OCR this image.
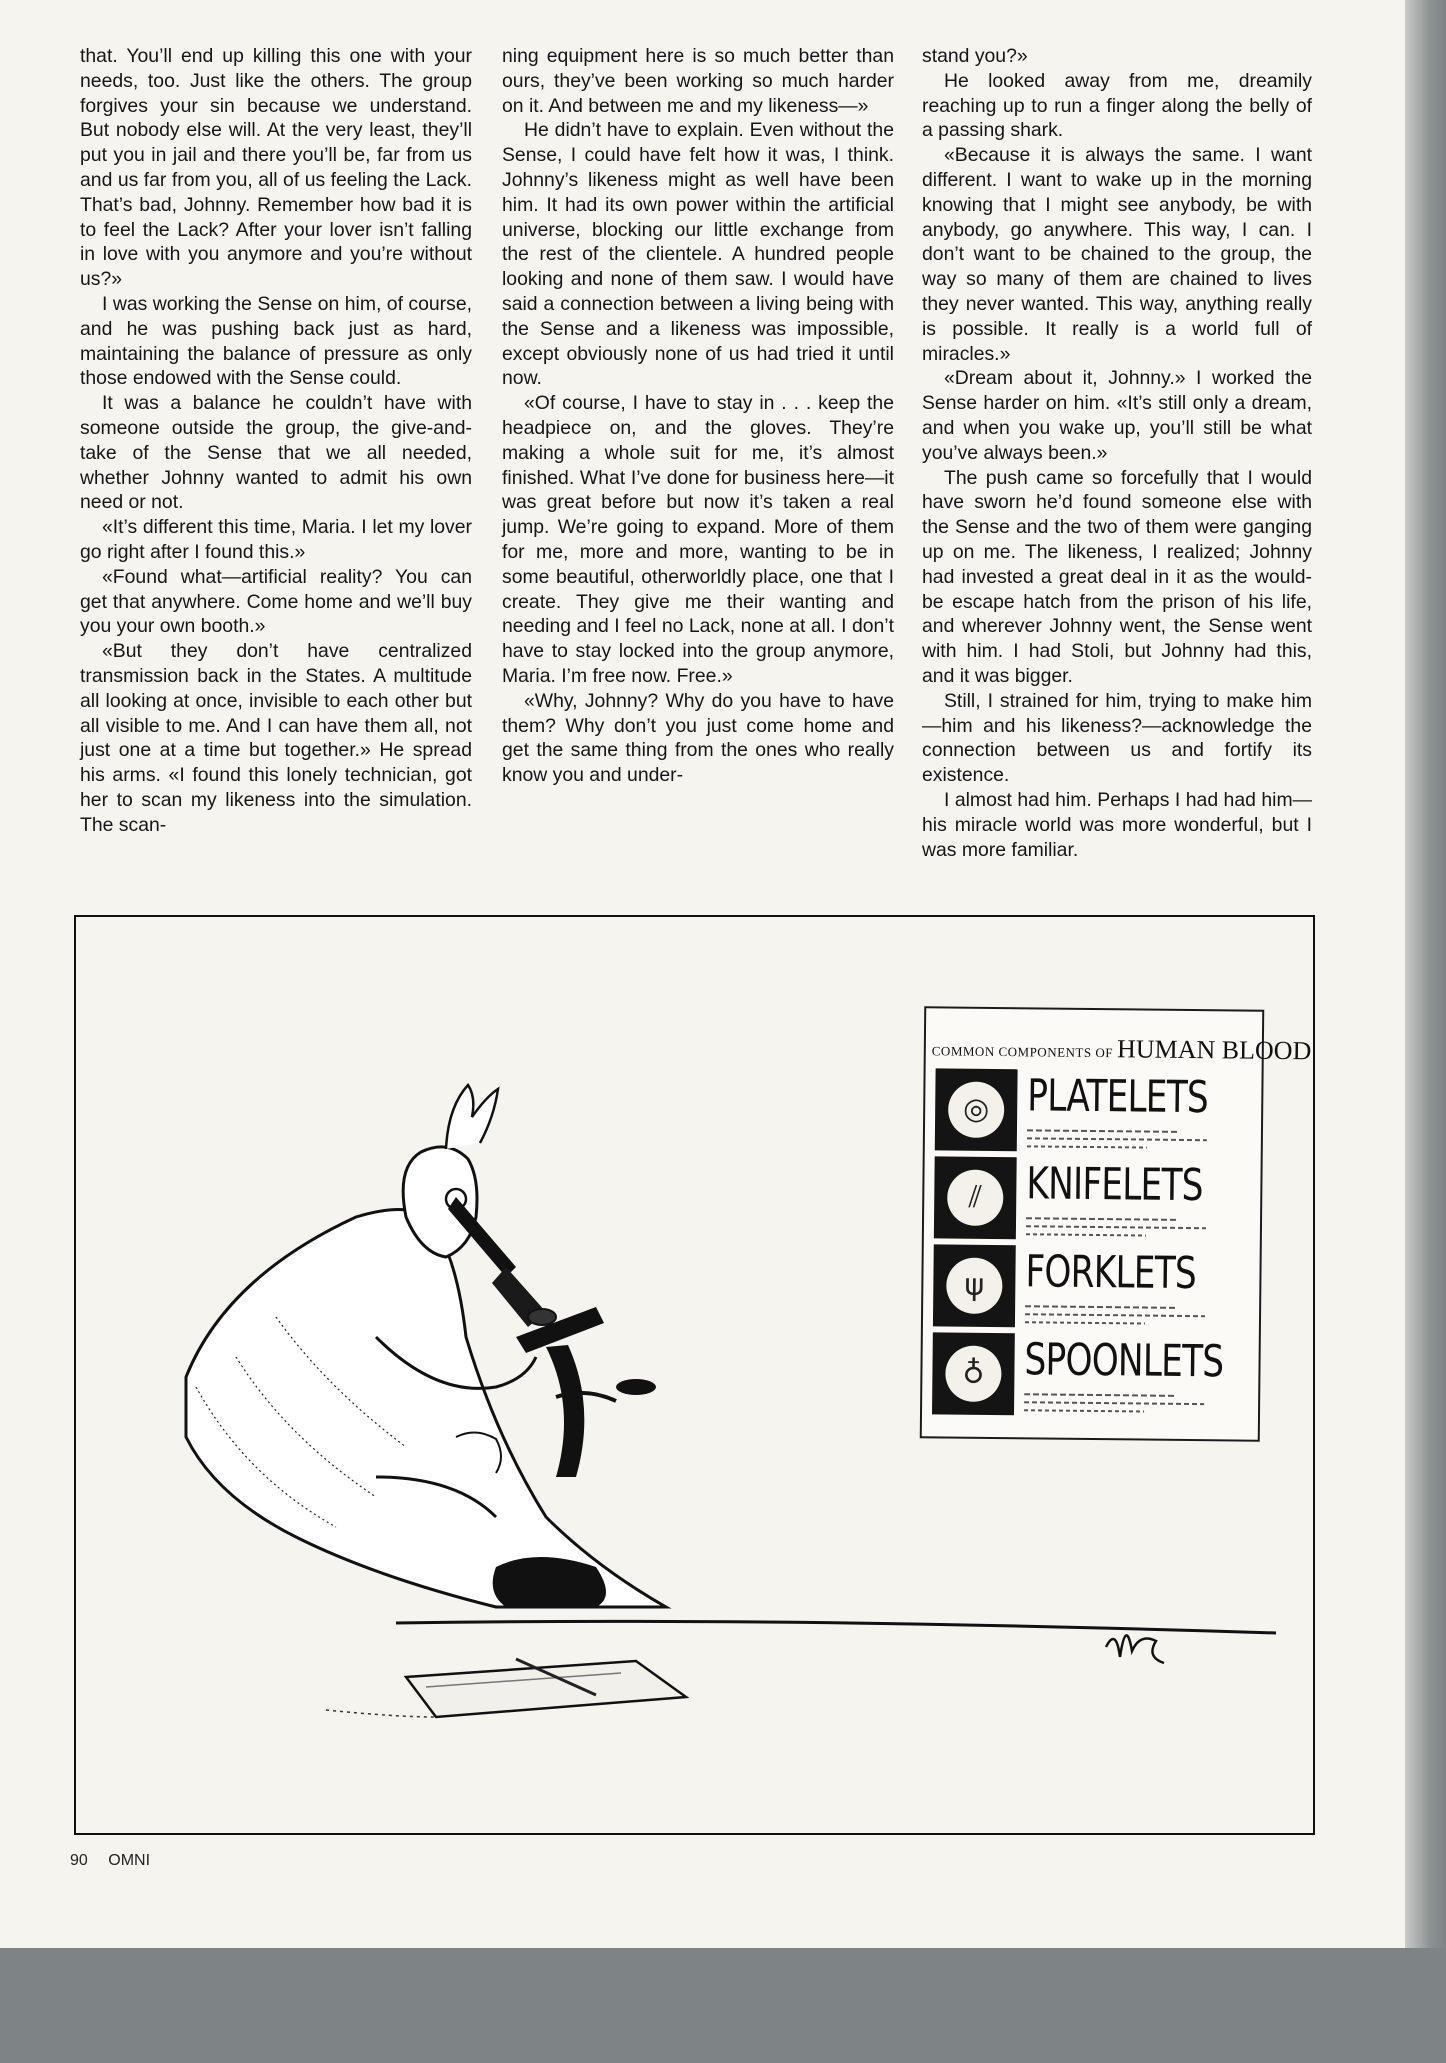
that. You’ll end up killing this one with your needs, too. Just like the others. The group forgives your sin because we understand. But nobody else will. At the very least, they’ll put you in jail and there you’ll be, far from us and us far from you, all of us feeling the Lack. That’s bad, Johnny. Remember how bad it is to feel the Lack? After your lover isn’t falling in love with you anymore and you’re without us?»

I was working the Sense on him, of course, and he was pushing back just as hard, maintaining the balance of pressure as only those endowed with the Sense could.

It was a balance he couldn’t have with someone outside the group, the give-and-take of the Sense that we all needed, whether Johnny wanted to admit his own need or not.

«It’s different this time, Maria. I let my lover go right after I found this.»

«Found what—artificial reality? You can get that anywhere. Come home and we’ll buy you your own booth.»

«But they don’t have centralized transmission back in the States. A multitude all looking at once, invisible to each other but all visible to me. And I can have them all, not just one at a time but together.» He spread his arms. «I found this lonely technician, got her to scan my likeness into the simulation. The scan-

ning equipment here is so much better than ours, they’ve been working so much harder on it. And between me and my likeness—»

He didn’t have to explain. Even without the Sense, I could have felt how it was, I think. Johnny’s likeness might as well have been him. It had its own power within the artificial universe, blocking our little exchange from the rest of the clientele. A hundred people looking and none of them saw. I would have said a connection between a living being with the Sense and a likeness was impossible, except obviously none of us had tried it until now.

«Of course, I have to stay in . . . keep the headpiece on, and the gloves. They’re making a whole suit for me, it’s almost finished. What I’ve done for business here—it was great before but now it’s taken a real jump. We’re going to expand. More of them for me, more and more, wanting to be in some beautiful, otherworldly place, one that I create. They give me their wanting and needing and I feel no Lack, none at all. I don’t have to stay locked into the group anymore, Maria. I’m free now. Free.»

«Why, Johnny? Why do you have to have them? Why don’t you just come home and get the same thing from the ones who really know you and under-

stand you?»

He looked away from me, dreamily reaching up to run a finger along the belly of a passing shark.

«Because it is always the same. I want different. I want to wake up in the morning knowing that I might see anybody, be with anybody, go anywhere. This way, I can. I don’t want to be chained to the group, the way so many of them are chained to lives they never wanted. This way, anything really is possible. It really is a world full of miracles.»

«Dream about it, Johnny.» I worked the Sense harder on him. «It’s still only a dream, and when you wake up, you’ll still be what you’ve always been.»

The push came so forcefully that I would have sworn he’d found someone else with the Sense and the two of them were ganging up on me. The likeness, I realized; Johnny had invested a great deal in it as the would-be escape hatch from the prison of his life, and wherever Johnny went, the Sense went with him. I had Stoli, but Johnny had this, and it was bigger.

Still, I strained for him, trying to make him—him and his likeness?—acknowledge the connection between us and fortify its existence.

I almost had him. Perhaps I had had him—his miracle world was more wonderful, but I was more familiar.

COMMON COMPONENTS OF HUMAN BLOOD
◎ PLATELETS
⫽	KNIFELETS
ψ FORKLETS
♁ SPOONLETS
90 OMNI
